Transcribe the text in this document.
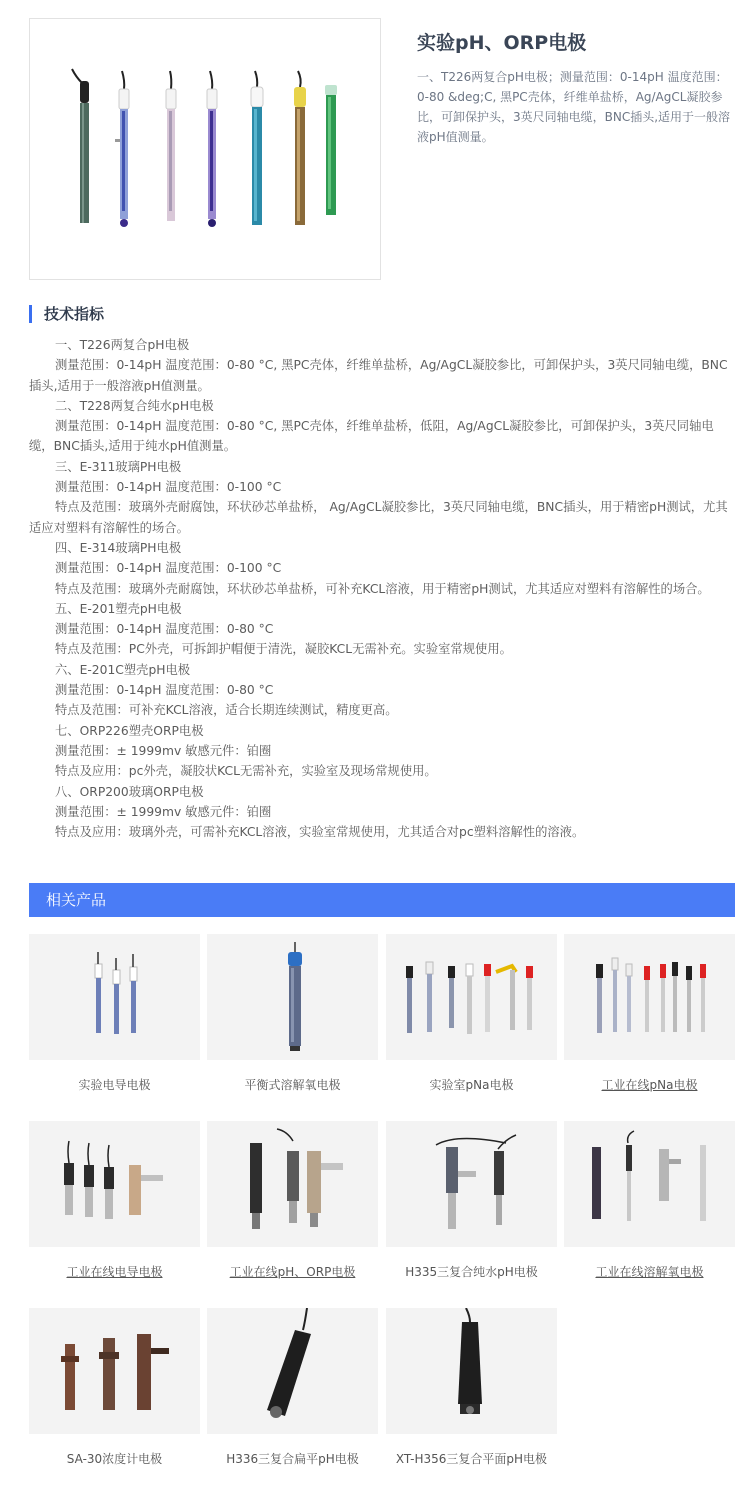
实验pH、ORP电极
一、T226两复合pH电极；测量范围：0-14pH 温度范围：0-80 &deg;C, 黑PC壳体，纤维单盐桥，Ag/AgCL凝胶参比，可卸保护头，3英尺同轴电缆，BNC插头,适用于一般溶液pH值测量。
技术指标

一、T226两复合pH电极

测量范围：0-14pH 温度范围：0-80 °C, 黑PC壳体，纤维单盐桥，Ag/AgCL凝胶参比，可卸保护头，3英尺同轴电缆，BNC插头,适用于一般溶液pH值测量。

二、T228两复合纯水pH电极

测量范围：0-14pH 温度范围：0-80 °C, 黑PC壳体，纤维单盐桥，低阻，Ag/AgCL凝胶参比，可卸保护头，3英尺同轴电缆，BNC插头,适用于纯水pH值测量。

三、E-311玻璃PH电极

测量范围：0-14pH 温度范围：0-100 °C

特点及范围：玻璃外壳耐腐蚀，环状砂芯单盐桥， Ag/AgCL凝胶参比，3英尺同轴电缆，BNC插头，用于精密pH测试，尤其适应对塑料有溶解性的场合。

四、E-314玻璃PH电极

测量范围：0-14pH 温度范围：0-100 °C

特点及范围：玻璃外壳耐腐蚀，环状砂芯单盐桥，可补充KCL溶液，用于精密pH测试，尤其适应对塑料有溶解性的场合。

五、E-201塑壳pH电极

测量范围：0-14pH 温度范围：0-80 °C

特点及范围：PC外壳，可拆卸护帽便于清洗，凝胶KCL无需补充。实验室常规使用。

六、E-201C塑壳pH电极

测量范围：0-14pH 温度范围：0-80 °C

特点及范围：可补充KCL溶液，适合长期连续测试，精度更高。

七、ORP226塑壳ORP电极

测量范围：± 1999mv 敏感元件：铂圈

特点及应用：pc外壳，凝胶状KCL无需补充，实验室及现场常规使用。

八、ORP200玻璃ORP电极

测量范围：± 1999mv 敏感元件：铂圈

特点及应用：玻璃外壳，可需补充KCL溶液，实验室常规使用，尤其适合对pc塑料溶解性的溶液。

相关产品
实验电导电极	平衡式溶解氧电极	实验室pNa电极	工业在线pNa电极
工业在线电导电极	工业在线pH、ORP电极	H335三复合纯水pH电极	工业在线溶解氧电极
SA-30浓度计电极	H336三复合扁平pH电极	XT-H356三复合平面pH电极
